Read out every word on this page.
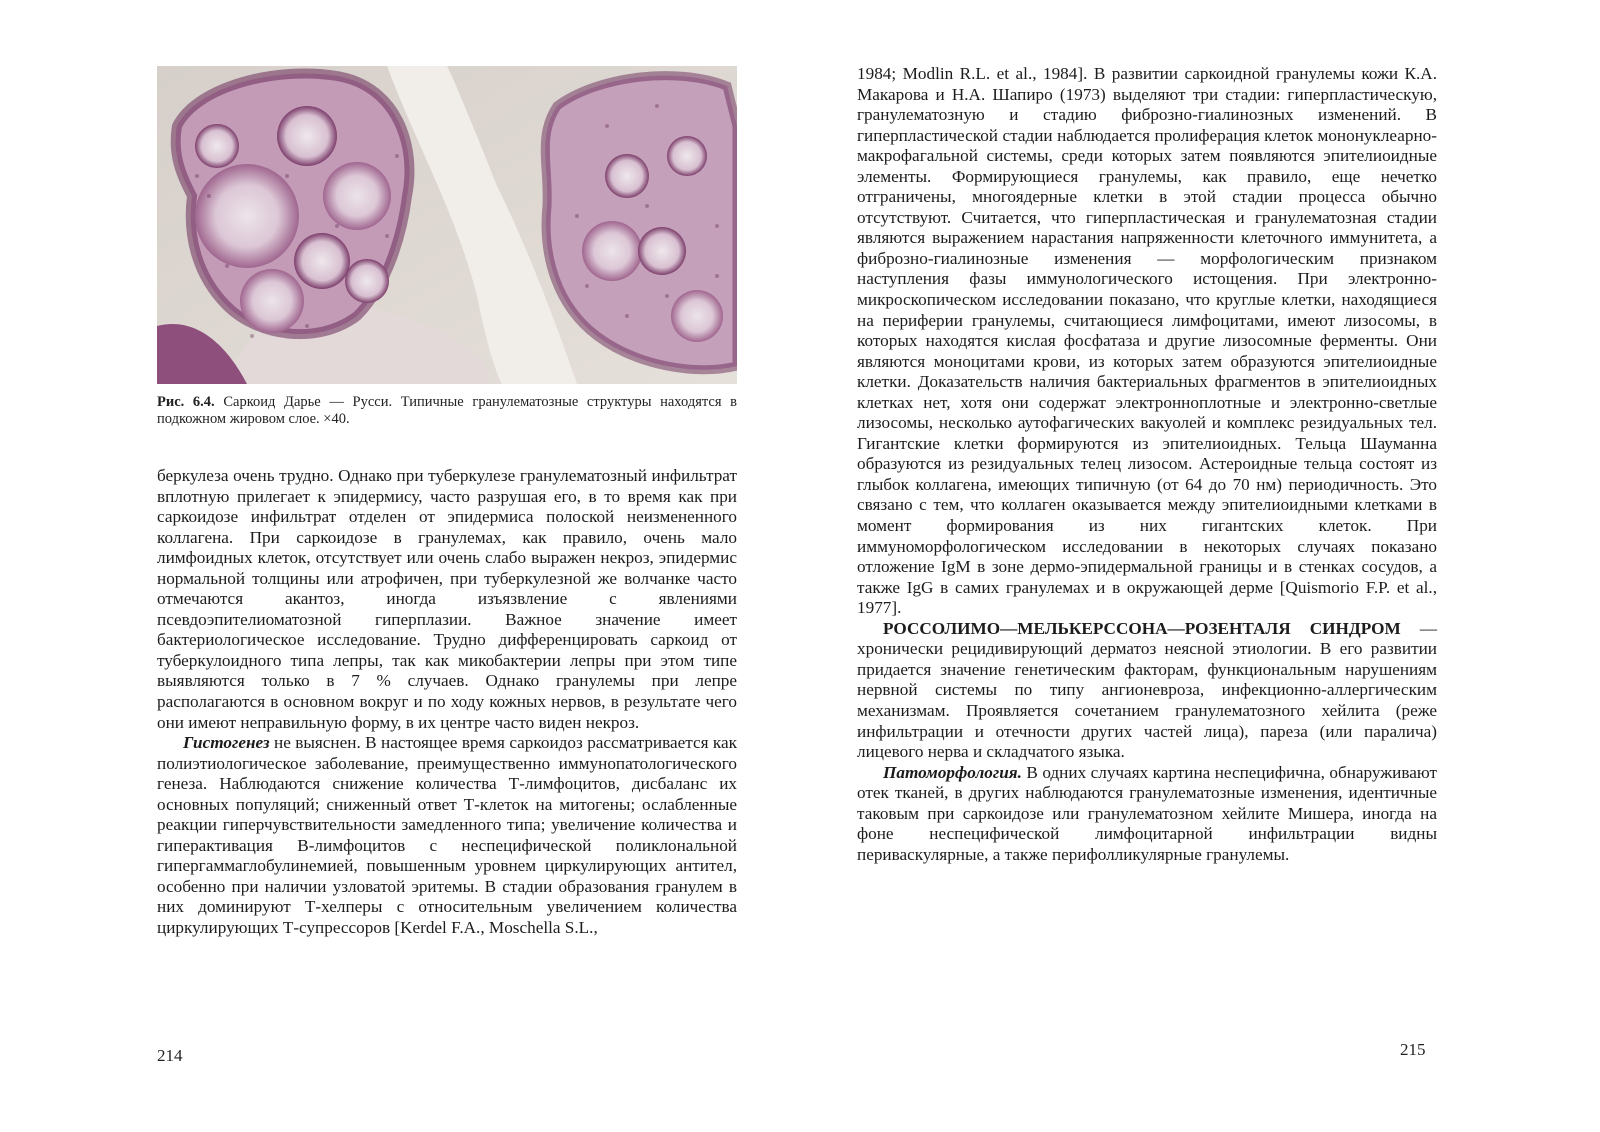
Рис. 6.4. Саркоид Дарье — Русси. Типичные гранулематозные структуры находятся в подкожном жировом слое. ×40.

беркулеза очень трудно. Однако при туберкулезе гранулематозный инфильтрат вплотную прилегает к эпидермису, часто разрушая его, в то время как при саркоидозе инфильтрат отделен от эпидермиса полоской неизмененного коллагена. При саркоидозе в гранулемах, как правило, очень мало лимфоидных клеток, отсутствует или очень слабо выражен некроз, эпидермис нормальной толщины или атрофичен, при туберкулезной же волчанке часто отмечаются акантоз, иногда изъязвление с явлениями псевдоэпителиоматозной гиперплазии. Важное значение имеет бактериологическое исследование. Трудно дифференцировать саркоид от туберкулоидного типа лепры, так как микобактерии лепры при этом типе выявляются только в 7 % случаев. Однако гранулемы при лепре располагаются в основном вокруг и по ходу кожных нервов, в результате чего они имеют неправильную форму, в их центре часто виден некроз.

Гистогенез не выяснен. В настоящее время саркоидоз рассматривается как полиэтиологическое заболевание, преимущественно иммунопатологического генеза. Наблюдаются снижение количества Т-лимфоцитов, дисбаланс их основных популяций; сниженный ответ Т-клеток на митогены; ослабленные реакции гиперчувствительности замедленного типа; увеличение количества и гиперактивация В-лимфоцитов с неспецифической поликлональной гипергаммаглобулинемией, повышенным уровнем циркулирующих антител, особенно при наличии узловатой эритемы. В стадии образования гранулем в них доминируют Т-хелперы с относительным увеличением количества циркулирующих Т-супрессоров [Kerdel F.A., Moschella S.L.,

214

1984; Modlin R.L. et al., 1984]. В развитии саркоидной гранулемы кожи К.А. Макарова и Н.А. Шапиро (1973) выделяют три стадии: гиперпластическую, гранулематозную и стадию фиброзно-гиалинозных изменений. В гиперпластической стадии наблюдается пролиферация клеток мононуклеарно-макрофагальной системы, среди которых затем появляются эпителиоидные элементы. Формирующиеся гранулемы, как правило, еще нечетко отграничены, многоядерные клетки в этой стадии процесса обычно отсутствуют. Считается, что гиперпластическая и гранулематозная стадии являются выражением нарастания напряженности клеточного иммунитета, а фиброзно-гиалинозные изменения — морфологическим признаком наступления фазы иммунологического истощения. При электронно-микроскопическом исследовании показано, что круглые клетки, находящиеся на периферии гранулемы, считающиеся лимфоцитами, имеют лизосомы, в которых находятся кислая фосфатаза и другие лизосомные ферменты. Они являются моноцитами крови, из которых затем образуются эпителиоидные клетки. Доказательств наличия бактериальных фрагментов в эпителиоидных клетках нет, хотя они содержат электронноплотные и электронно-светлые лизосомы, несколько аутофагических вакуолей и комплекс резидуальных тел. Гигантские клетки формируются из эпителиоидных. Тельца Шауманна образуются из резидуальных телец лизосом. Астероидные тельца состоят из глыбок коллагена, имеющих типичную (от 64 до 70 нм) периодичность. Это связано с тем, что коллаген оказывается между эпителиоидными клетками в момент формирования из них гигантских клеток. При иммуноморфологическом исследовании в некоторых случаях показано отложение IgM в зоне дермо-эпидермальной границы и в стенках сосудов, а также IgG в самих гранулемах и в окружающей дерме [Quismorio F.P. et al., 1977].

РОССОЛИМО—МЕЛЬКЕРССОНА—РОЗЕНТАЛЯ СИНДРОМ — хронически рецидивирующий дерматоз неясной этиологии. В его развитии придается значение генетическим факторам, функциональным нарушениям нервной системы по типу ангионевроза, инфекционно-аллергическим механизмам. Проявляется сочетанием гранулематозного хейлита (реже инфильтрации и отечности других частей лица), пареза (или паралича) лицевого нерва и складчатого языка.

Патоморфология. В одних случаях картина неспецифична, обнаруживают отек тканей, в других наблюдаются гранулематозные изменения, идентичные таковым при саркоидозе или гранулематозном хейлите Мишера, иногда на фоне неспецифической лимфоцитарной инфильтрации видны периваскулярные, а также перифолликулярные гранулемы.

215
